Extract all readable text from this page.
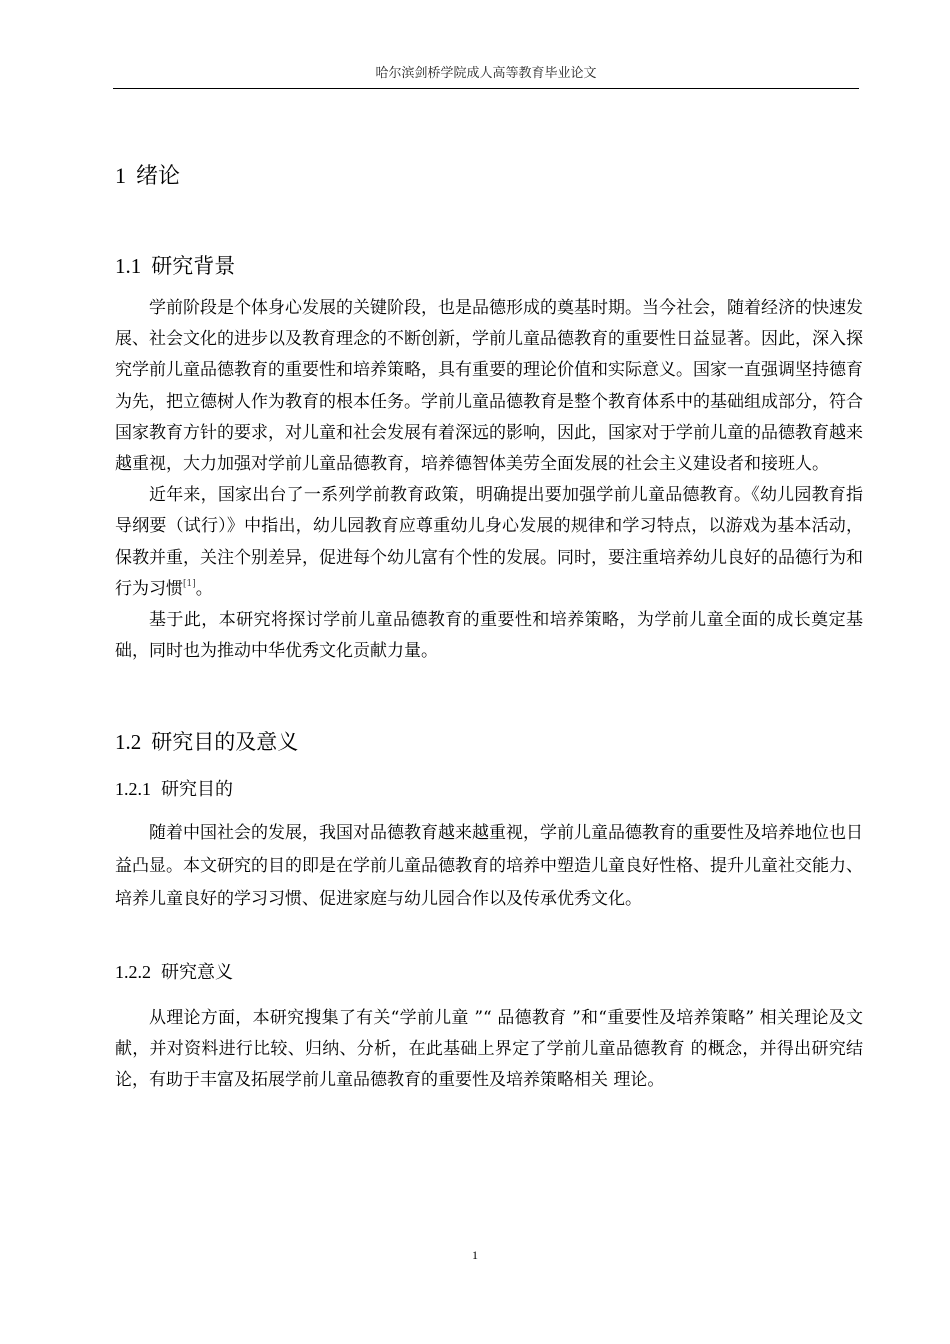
哈尔滨剑桥学院成人高等教育毕业论文
1 绪论
1.1 研究背景

学前阶段是个体身心发展的关键阶段，也是品德形成的奠基时期。当今社会，随着经济的快速发展、社会文化的进步以及教育理念的不断创新，学前儿童品德教育的重要性日益显著。因此，深入探究学前儿童品德教育的重要性和培养策略，具有重要的理论价值和实际意义。国家一直强调坚持德育为先，把立德树人作为教育的根本任务。学前儿童品德教育是整个教育体系中的基础组成部分，符合国家教育方针的要求，对儿童和社会发展有着深远的影响，因此，国家对于学前儿童的品德教育越来越重视，大力加强对学前儿童品德教育，培养德智体美劳全面发展的社会主义建设者和接班人。

近年来，国家出台了一系列学前教育政策，明确提出要加强学前儿童品德教育。《幼儿园教育指导纲要（试行）》中指出，幼儿园教育应尊重幼儿身心发展的规律和学习特点，以游戏为基本活动，保教并重，关注个别差异，促进每个幼儿富有个性的发展。同时，要注重培养幼儿良好的品德行为和行为习惯[1]。

基于此，本研究将探讨学前儿童品德教育的重要性和培养策略，为学前儿童全面的成长奠定基础，同时也为推动中华优秀文化贡献力量。

1.2 研究目的及意义
1.2.1 研究目的

随着中国社会的发展，我国对品德教育越来越重视，学前儿童品德教育的重要性及培养地位也日益凸显。本文研究的目的即是在学前儿童品德教育的培养中塑造儿童良好性格、提升儿童社交能力、培养儿童良好的学习习惯、促进家庭与幼儿园合作以及传承优秀文化。

1.2.2 研究意义

从理论方面，本研究搜集了有关“学前儿童 ”“ 品德教育 ”和“重要性及培养策略” 相关理论及文献，并对资料进行比较、归纳、分析，在此基础上界定了学前儿童品德教育 的概念，并得出研究结论，有助于丰富及拓展学前儿童品德教育的重要性及培养策略相关 理论。

1
